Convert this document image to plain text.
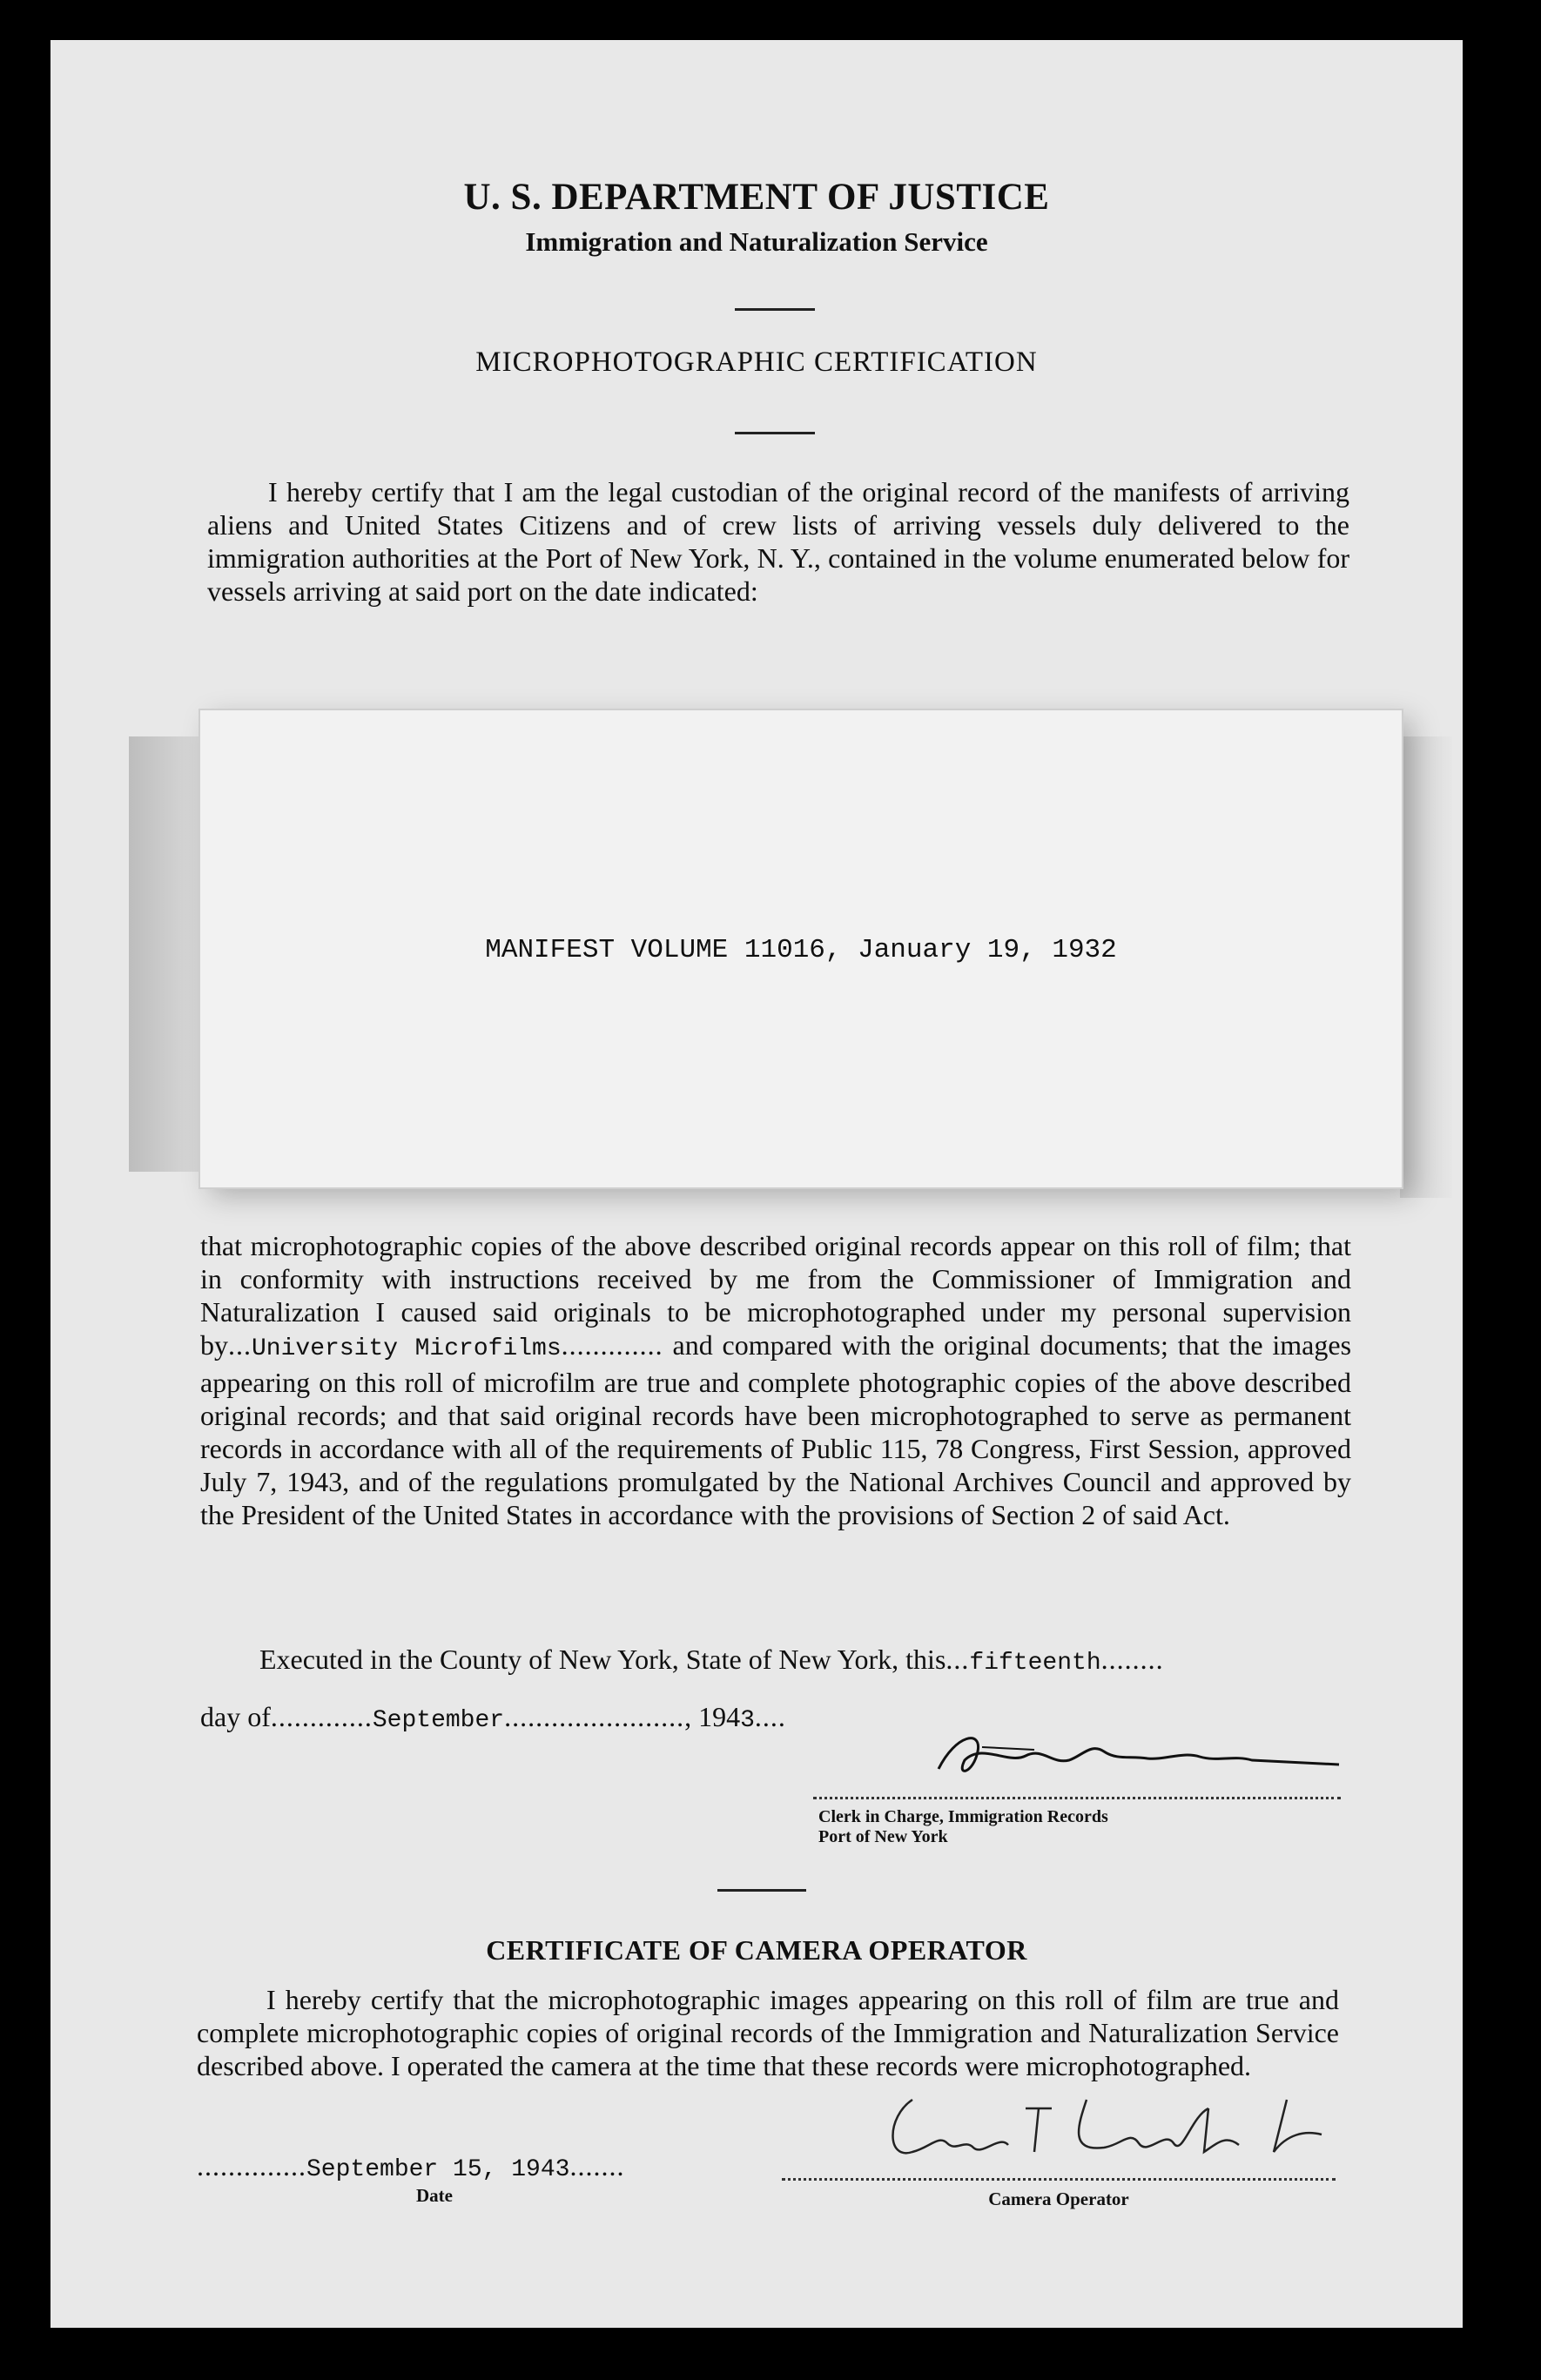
U. S. DEPARTMENT OF JUSTICE
Immigration and Naturalization Service
MICROPHOTOGRAPHIC CERTIFICATION

I hereby certify that I am the legal custodian of the original record of the manifests of arriving aliens and United States Citizens and of crew lists of arriving vessels duly delivered to the immigration authorities at the Port of New York, N. Y., contained in the volume enumerated below for vessels arriving at said port on the date indicated:

MANIFEST VOLUME 11016, January 19, 1932

that microphotographic copies of the above described original records appear on this roll of film; that in conformity with instructions received by me from the Commissioner of Immigration and Naturalization I caused said originals to be microphotographed under my personal supervision by...University Microfilms............. and compared with the original documents; that the images appearing on this roll of microfilm are true and complete photographic copies of the above described original records; and that said original records have been microphotographed to serve as permanent records in accordance with all of the requirements of Public 115, 78 Congress, First Session, approved July 7, 1943, and of the regulations promulgated by the National Archives Council and approved by the President of the United States in accordance with the provisions of Section 2 of said Act.

Executed in the County of New York, State of New York, this...fifteenth........
day of.............September......................., 1943....
Clerk in Charge, Immigration Records
Port of New York
CERTIFICATE OF CAMERA OPERATOR

I hereby certify that the microphotographic images appearing on this roll of film are true and complete microphotographic copies of original records of the Immigration and Naturalization Service described above. I operated the camera at the time that these records were microphotographed.

..............September 15, 1943.......
Date	Camera Operator
